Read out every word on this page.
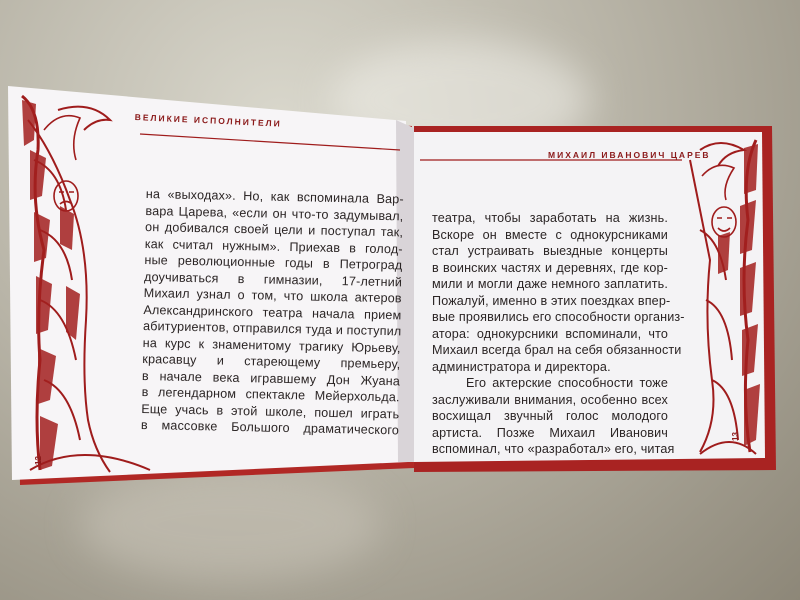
ВЕЛИКИЕ ИСПОЛНИТЕЛИ
МИХАИЛ ИВАНОВИЧ ЦАРЕВ
на «выходах». Но, как вспоминала Вар-
вара Царева, «если он что-то задумывал,
он добивался своей цели и поступал так,
как считал нужным». Приехав в голод-
ные революционные годы в Петроград
доучиваться в гимназии, 17-летний
Михаил узнал о том, что школа актеров
Александринского театра начала прием
абитуриентов, отправился туда и поступил
на курс к знаменитому трагику Юрьеву,
красавцу и стареющему премьеру,
в начале века игравшему Дон Жуана
в легендарном спектакле Мейерхольда.
Еще учась в этой школе, пошел играть
в массовке Большого драматического
театра, чтобы заработать на жизнь.
Вскоре он вместе с однокурсниками
стал устраивать выездные концерты
в воинских частях и деревнях, где кор-
мили и могли даже немного заплатить.
Пожалуй, именно в этих поездках впер-
вые проявились его способности организ-
атора: однокурсники вспоминали, что
Михаил всегда брал на себя обязанности
администратора и директора.
Его актерские способности тоже
заслуживали внимания, особенно всех
восхищал звучный голос молодого
артиста. Позже Михаил Иванович
вспоминал, что «разработал» его, читая
12
13
